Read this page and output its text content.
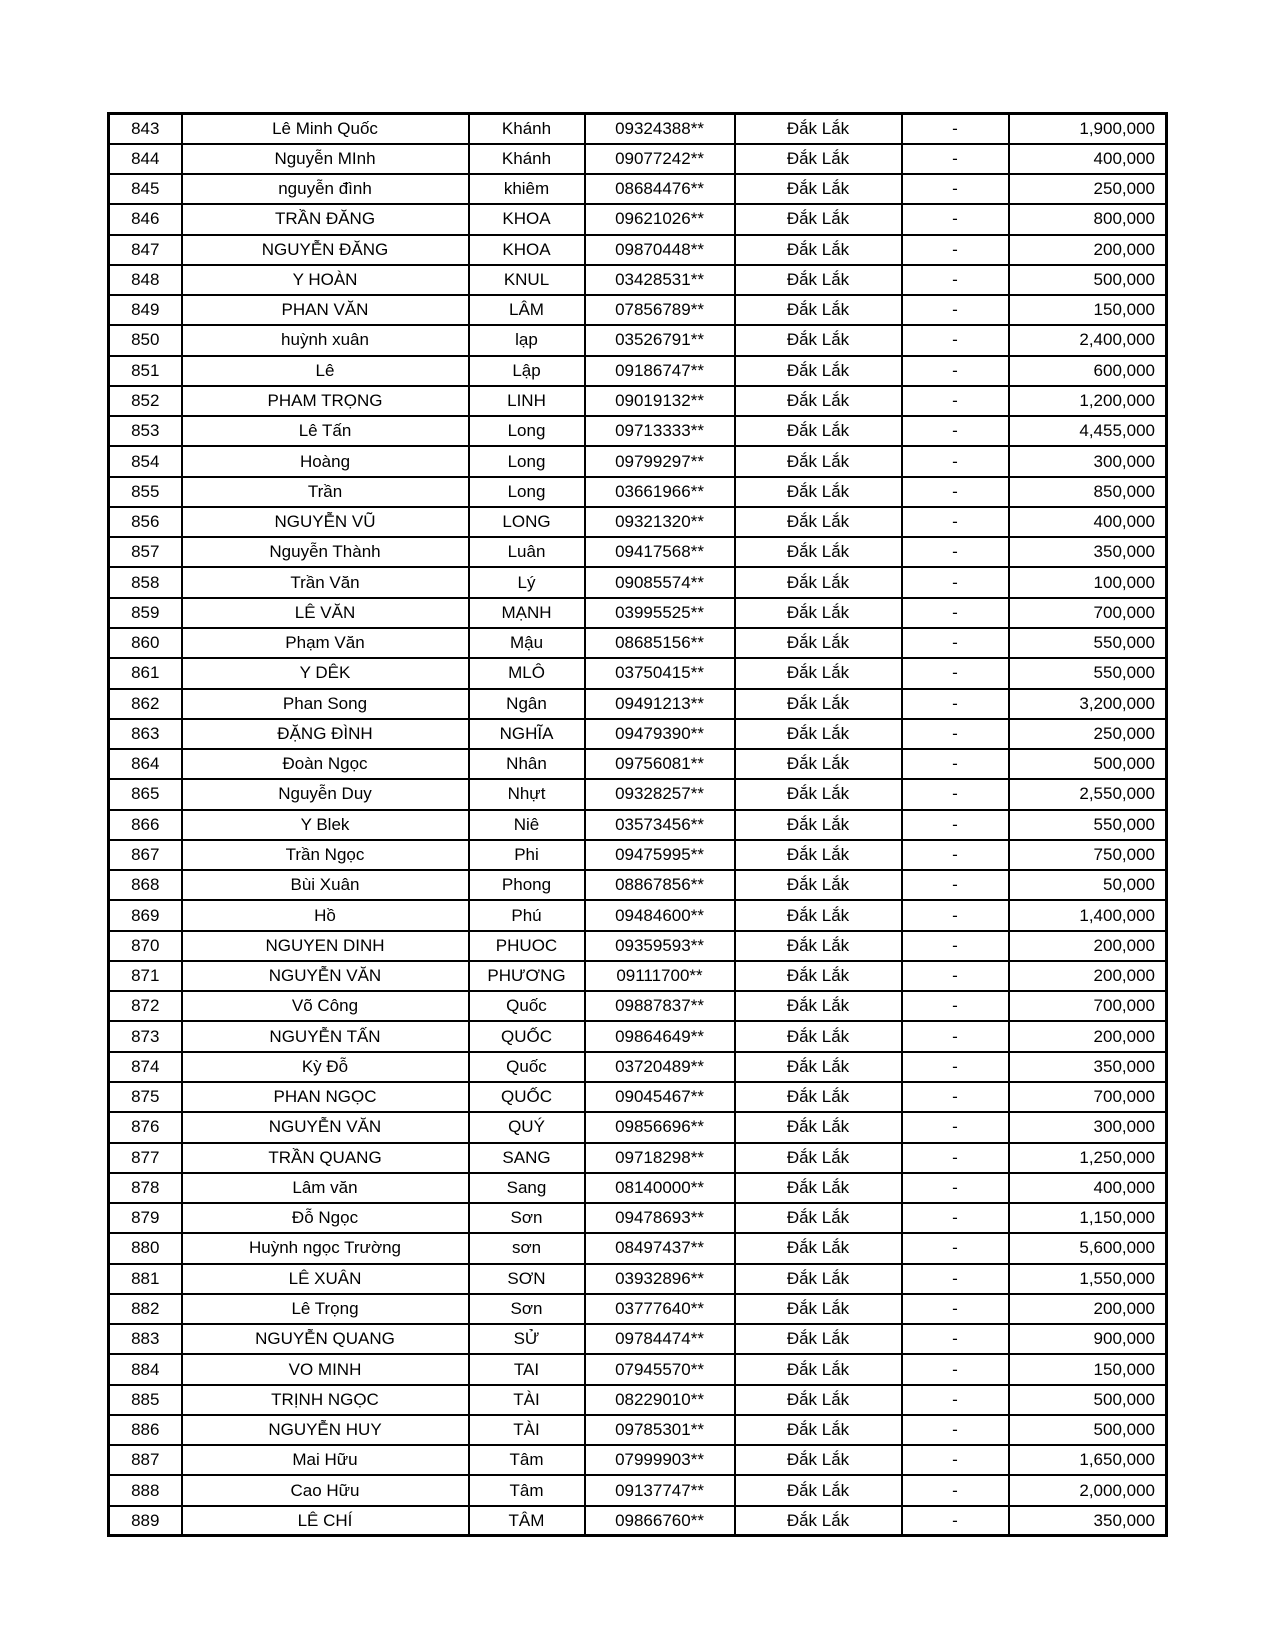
843	Lê Minh Quốc	Khánh	09324388**	Đắk Lắk	-	1,900,000
844	Nguyễn MInh	Khánh	09077242**	Đắk Lắk	-	400,000
845	nguyễn đình	khiêm	08684476**	Đắk Lắk	-	250,000
846	TRẦN ĐĂNG	KHOA	09621026**	Đắk Lắk	-	800,000
847	NGUYỄN ĐĂNG	KHOA	09870448**	Đắk Lắk	-	200,000
848	Y HOÀN	KNUL	03428531**	Đắk Lắk	-	500,000
849	PHAN VĂN	LÂM	07856789**	Đắk Lắk	-	150,000
850	huỳnh xuân	lạp	03526791**	Đắk Lắk	-	2,400,000
851	Lê	Lập	09186747**	Đắk Lắk	-	600,000
852	PHAM TRỌNG	LINH	09019132**	Đắk Lắk	-	1,200,000
853	Lê Tấn	Long	09713333**	Đắk Lắk	-	4,455,000
854	Hoàng	Long	09799297**	Đắk Lắk	-	300,000
855	Trần	Long	03661966**	Đắk Lắk	-	850,000
856	NGUYỄN VŨ	LONG	09321320**	Đắk Lắk	-	400,000
857	Nguyễn Thành	Luân	09417568**	Đắk Lắk	-	350,000
858	Trần Văn	Lý	09085574**	Đắk Lắk	-	100,000
859	LÊ VĂN	MẠNH	03995525**	Đắk Lắk	-	700,000
860	Phạm Văn	Mậu	08685156**	Đắk Lắk	-	550,000
861	Y DÊK	MLÔ	03750415**	Đắk Lắk	-	550,000
862	Phan Song	Ngân	09491213**	Đắk Lắk	-	3,200,000
863	ĐẶNG ĐÌNH	NGHĨA	09479390**	Đắk Lắk	-	250,000
864	Đoàn Ngọc	Nhân	09756081**	Đắk Lắk	-	500,000
865	Nguyễn Duy	Nhựt	09328257**	Đắk Lắk	-	2,550,000
866	Y Blek	Niê	03573456**	Đắk Lắk	-	550,000
867	Trần Ngọc	Phi	09475995**	Đắk Lắk	-	750,000
868	Bùi Xuân	Phong	08867856**	Đắk Lắk	-	50,000
869	Hồ	Phú	09484600**	Đắk Lắk	-	1,400,000
870	NGUYEN DINH	PHUOC	09359593**	Đắk Lắk	-	200,000
871	NGUYỄN VĂN	PHƯƠNG	09111700**	Đắk Lắk	-	200,000
872	Võ Công	Quốc	09887837**	Đắk Lắk	-	700,000
873	NGUYỄN TẤN	QUỐC	09864649**	Đắk Lắk	-	200,000
874	Kỳ Đỗ	Quốc	03720489**	Đắk Lắk	-	350,000
875	PHAN NGỌC	QUỐC	09045467**	Đắk Lắk	-	700,000
876	NGUYỄN VĂN	QUÝ	09856696**	Đắk Lắk	-	300,000
877	TRẦN QUANG	SANG	09718298**	Đắk Lắk	-	1,250,000
878	Lâm văn	Sang	08140000**	Đắk Lắk	-	400,000
879	Đỗ Ngọc	Sơn	09478693**	Đắk Lắk	-	1,150,000
880	Huỳnh ngọc Trường	sơn	08497437**	Đắk Lắk	-	5,600,000
881	LÊ XUÂN	SƠN	03932896**	Đắk Lắk	-	1,550,000
882	Lê Trọng	Sơn	03777640**	Đắk Lắk	-	200,000
883	NGUYỄN QUANG	SỬ	09784474**	Đắk Lắk	-	900,000
884	VO MINH	TAI	07945570**	Đắk Lắk	-	150,000
885	TRỊNH NGỌC	TÀI	08229010**	Đắk Lắk	-	500,000
886	NGUYỄN HUY	TÀI	09785301**	Đắk Lắk	-	500,000
887	Mai Hữu	Tâm	07999903**	Đắk Lắk	-	1,650,000
888	Cao Hữu	Tâm	09137747**	Đắk Lắk	-	2,000,000
889	LÊ CHÍ	TÂM	09866760**	Đắk Lắk	-	350,000
